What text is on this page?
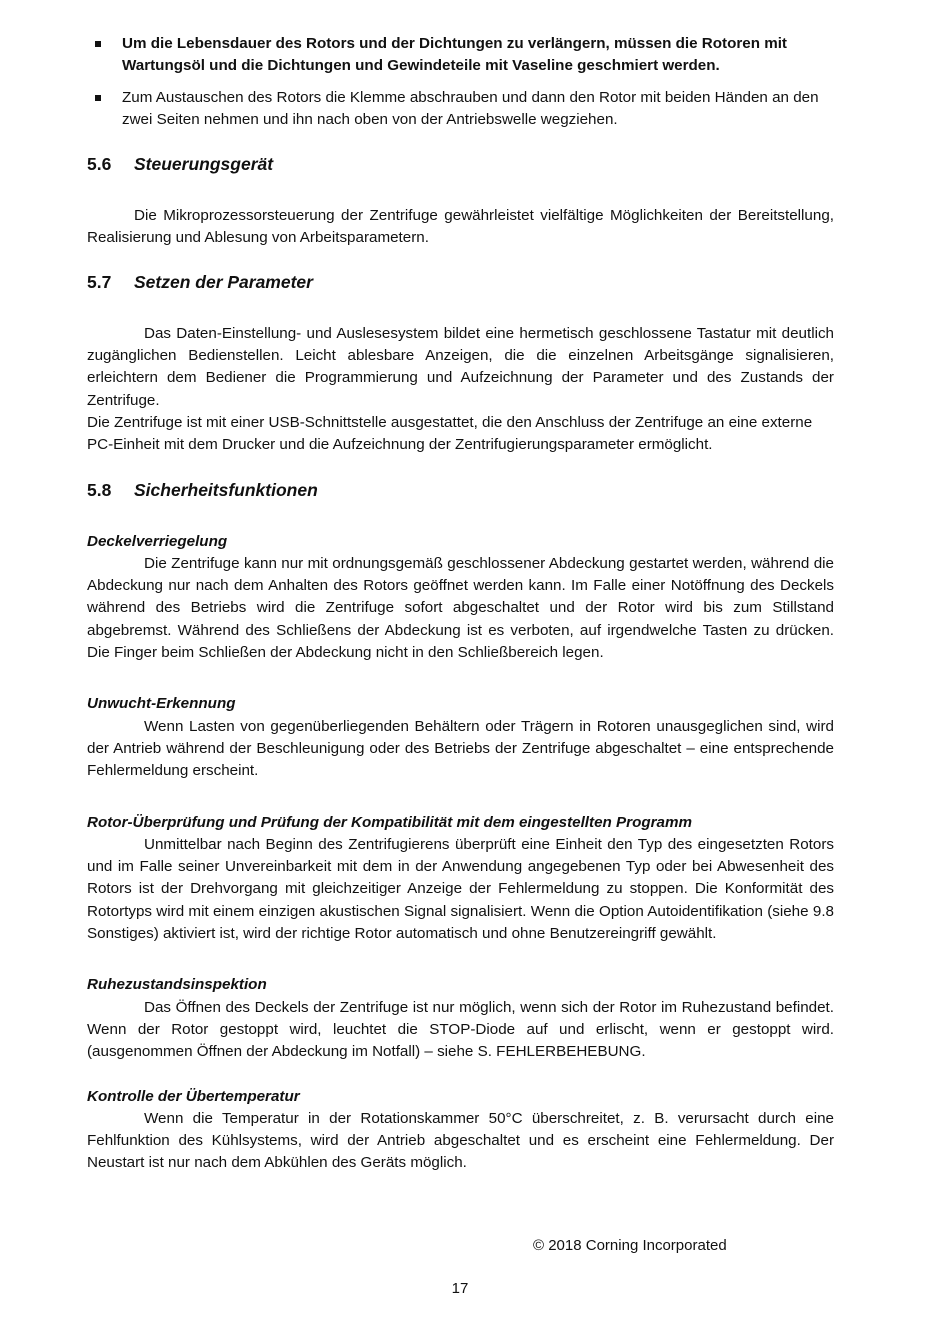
Um die Lebensdauer des Rotors und der Dichtungen zu verlängern, müssen die Rotoren mit Wartungsöl und die Dichtungen und Gewindeteile mit Vaseline geschmiert werden.
Zum Austauschen des Rotors die Klemme abschrauben und dann den Rotor mit beiden Händen an den zwei Seiten nehmen und ihn nach oben von der Antriebswelle wegziehen.
5.6 Steuerungsgerät

Die Mikroprozessorsteuerung der Zentrifuge gewährleistet vielfältige Möglichkeiten der Bereitstellung, Realisierung und Ablesung von Arbeitsparametern.

5.7 Setzen der Parameter

Das Daten-Einstellung- und Auslesesystem bildet eine hermetisch geschlossene Tastatur mit deutlich zugänglichen Bedienstellen. Leicht ablesbare Anzeigen, die die einzelnen Arbeitsgänge signalisieren, erleichtern dem Bediener die Programmierung und Aufzeichnung der Parameter und des Zustands der Zentrifuge.

Die Zentrifuge ist mit einer USB-Schnittstelle ausgestattet, die den Anschluss der Zentrifuge an eine externe PC-Einheit mit dem Drucker und die Aufzeichnung der Zentrifugierungsparameter ermöglicht.

5.8 Sicherheitsfunktionen
Deckelverriegelung

Die Zentrifuge kann nur mit ordnungsgemäß geschlossener Abdeckung gestartet werden, während die Abdeckung nur nach dem Anhalten des Rotors geöffnet werden kann. Im Falle einer Notöffnung des Deckels während des Betriebs wird die Zentrifuge sofort abgeschaltet und der Rotor wird bis zum Stillstand abgebremst. Während des Schließens der Abdeckung ist es verboten, auf irgendwelche Tasten zu drücken. Die Finger beim Schließen der Abdeckung nicht in den Schließbereich legen.

Unwucht-Erkennung

Wenn Lasten von gegenüberliegenden Behältern oder Trägern in Rotoren unausgeglichen sind, wird der Antrieb während der Beschleunigung oder des Betriebs der Zentrifuge abgeschaltet – eine entsprechende Fehlermeldung erscheint.

Rotor-Überprüfung und Prüfung der Kompatibilität mit dem eingestellten Programm

Unmittelbar nach Beginn des Zentrifugierens überprüft eine Einheit den Typ des eingesetzten Rotors und im Falle seiner Unvereinbarkeit mit dem in der Anwendung angegebenen Typ oder bei Abwesenheit des Rotors ist der Drehvorgang mit gleichzeitiger Anzeige der Fehlermeldung zu stoppen. Die Konformität des Rotortyps wird mit einem einzigen akustischen Signal signalisiert. Wenn die Option Autoidentifikation (siehe 9.8 Sonstiges) aktiviert ist, wird der richtige Rotor automatisch und ohne Benutzereingriff gewählt.

Ruhezustandsinspektion

Das Öffnen des Deckels der Zentrifuge ist nur möglich, wenn sich der Rotor im Ruhezustand befindet. Wenn der Rotor gestoppt wird, leuchtet die STOP-Diode auf und erlischt, wenn er gestoppt wird. (ausgenommen Öffnen der Abdeckung im Notfall) – siehe S. FEHLERBEHEBUNG.

Kontrolle der Übertemperatur

Wenn die Temperatur in der Rotationskammer 50°C überschreitet, z. B. verursacht durch eine Fehlfunktion des Kühlsystems, wird der Antrieb abgeschaltet und es erscheint eine Fehlermeldung. Der Neustart ist nur nach dem Abkühlen des Geräts möglich.

© 2018 Corning Incorporated
17
